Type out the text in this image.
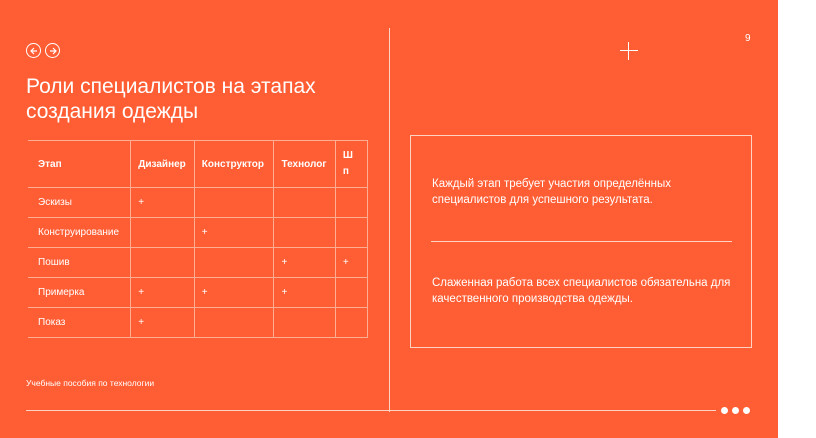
Роли специалистов на этапах создания одежды
9
Этап	Дизайнер	Конструктор	Технолог	Ш
п
Эскизы	+			
Конструирование		+		
Пошив			+	+
Примерка	+	+	+	
Показ	+			
Учебные пособия по технологии
Каждый этап требует участия определённых специалистов для успешного результата.
Слаженная работа всех специалистов обязательна для качественного производства одежды.
